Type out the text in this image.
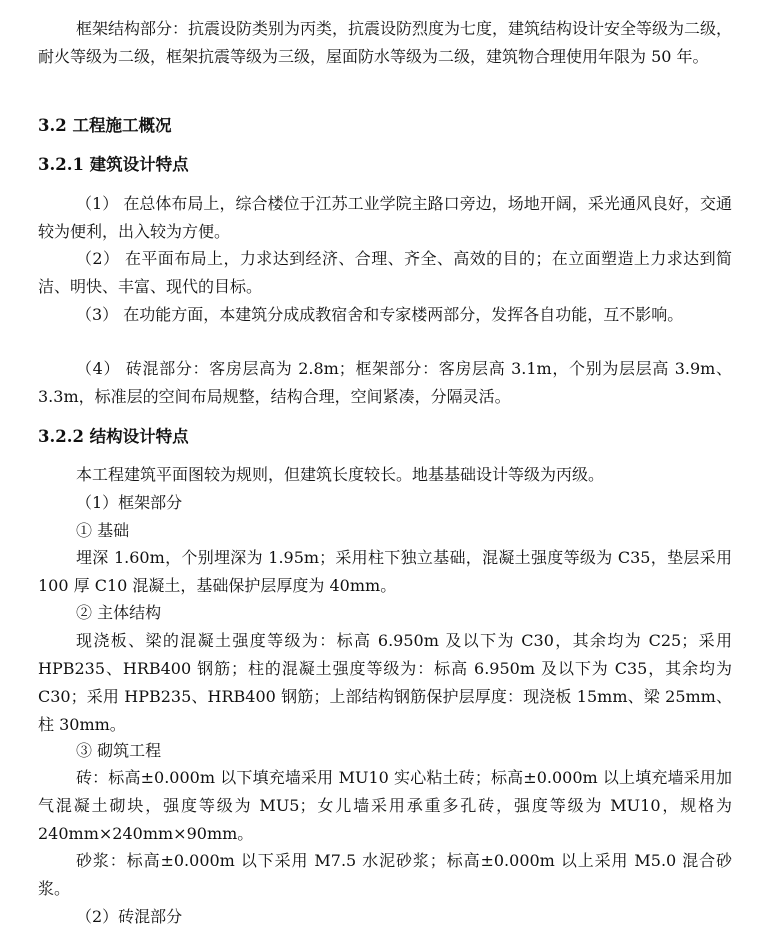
框架结构部分：抗震设防类别为丙类，抗震设防烈度为七度，建筑结构设计安全等级为二级，耐火等级为二级，框架抗震等级为三级，屋面防水等级为二级，建筑物合理使用年限为 50 年。

3.2 工程施工概况
3.2.1 建筑设计特点

（1） 在总体布局上，综合楼位于江苏工业学院主路口旁边，场地开阔，采光通风良好，交通较为便利，出入较为方便。

（2） 在平面布局上，力求达到经济、合理、齐全、高效的目的；在立面塑造上力求达到简洁、明快、丰富、现代的目标。

（3） 在功能方面，本建筑分成成教宿舍和专家楼两部分，发挥各自功能，互不影响。

（4） 砖混部分：客房层高为 2.8m；框架部分：客房层高 3.1m，个别为层层高 3.9m、3.3m，标准层的空间布局规整，结构合理，空间紧凑，分隔灵活。

3.2.2 结构设计特点

本工程建筑平面图较为规则，但建筑长度较长。地基基础设计等级为丙级。

（1）框架部分

① 基础

埋深 1.60m，个别埋深为 1.95m；采用柱下独立基础，混凝土强度等级为 C35，垫层采用 100 厚 C10 混凝土，基础保护层厚度为 40mm。

② 主体结构

现浇板、梁的混凝土强度等级为：标高 6.950m 及以下为 C30，其余均为 C25；采用 HPB235、HRB400 钢筋；柱的混凝土强度等级为：标高 6.950m 及以下为 C35，其余均为 C30；采用 HPB235、HRB400 钢筋；上部结构钢筋保护层厚度：现浇板 15mm、梁 25mm、柱 30mm。

③ 砌筑工程

砖：标高±0.000m 以下填充墙采用 MU10 实心粘土砖；标高±0.000m 以上填充墙采用加气混凝土砌块，强度等级为 MU5；女儿墙采用承重多孔砖，强度等级为 MU10，规格为 240mm×240mm×90mm。

砂浆：标高±0.000m 以下采用 M7.5 水泥砂浆；标高±0.000m 以上采用 M5.0 混合砂浆。

（2）砖混部分
